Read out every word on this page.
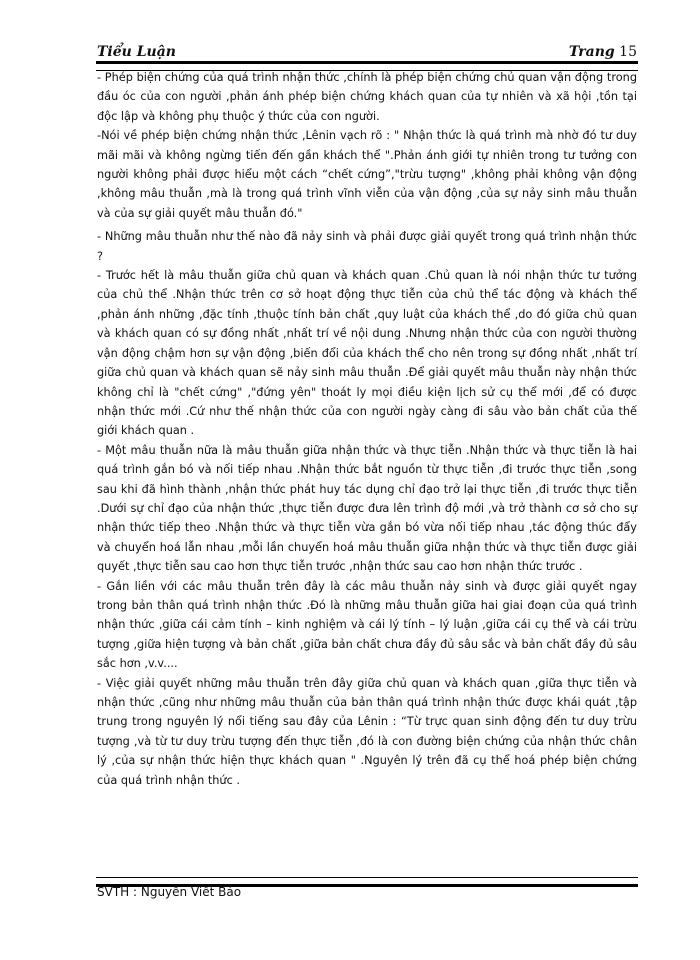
Tiểu Luận	Trang 15

- Phép biện chứng của quá trình nhận thức ,chính là phép biện chứng chủ quan vận động trong đầu óc của con người ,phản ánh phép biện chứng khách quan của tự nhiên và xã hội ,tồn tại độc lập và không phụ thuộc ý thức của con người.

-Nói về phép biện chứng nhận thức ,Lênin vạch rõ : " Nhận thức là quá trình mà nhờ đó tư duy mãi mãi và không ngừng tiến đến gần khách thể ".Phản ánh giới tự nhiên trong tư tưởng con người không phải được hiểu một cách “chết cứng”,"trừu tượng" ,không phải không vận động ,không mâu thuẫn ,mà là trong quá trình vĩnh viễn của vận động ,của sự nảy sinh mâu thuẫn và của sự giải quyết mâu thuẫn đó."

- Những mâu thuẫn như thế nào đã nảy sinh và phải được giải quyết trong quá trình nhận thức ?

- Trước hết là mâu thuẫn giữa chủ quan và khách quan .Chủ quan là nói nhận thức tư tưởng của chủ thể .Nhận thức trên cơ sở hoạt động thực tiễn của chủ thể tác động và khách thể ,phản ánh những ,đặc tính ,thuộc tính bản chất ,quy luật của khách thể ,do đó giữa chủ quan và khách quan có sự đồng nhất ,nhất trí về nội dung .Nhưng nhận thức của con người thường vận động chậm hơn sự vận động ,biến đổi của khách thể cho nên trong sự đồng nhất ,nhất trí giữa chủ quan và khách quan sẽ nảy sinh mâu thuẫn .Để giải quyết mâu thuẫn này nhận thức không chỉ là "chết cứng" ,"đứng yên" thoát ly mọi điều kiện lịch sử cụ thể mới ,để có được nhận thức mới .Cứ như thế nhận thức của con người ngày càng đi sâu vào bản chất của thế giới khách quan .

- Một mâu thuẫn nữa là mâu thuẫn giữa nhận thức và thực tiễn .Nhận thức và thực tiễn là hai quá trình gắn bó và nối tiếp nhau .Nhận thức bắt nguồn từ thực tiễn ,đi trước thực tiễn ,song sau khi đã hình thành ,nhận thức phát huy tác dụng chỉ đạo trở lại thực tiễn ,đi trước thực tiễn .Dưới sự chỉ đạo của nhận thức ,thực tiễn được đưa lên trình độ mới ,và trở thành cơ sở cho sự nhận thức tiếp theo .Nhận thức và thực tiễn vừa gắn bó vừa nối tiếp nhau ,tác động thúc đẩy và chuyển hoá lẫn nhau ,mỗi lần chuyển hoá mâu thuẫn giữa nhận thức và thực tiễn được giải quyết ,thực tiễn sau cao hơn thực tiễn trước ,nhận thức sau cao hơn nhận thức trước .

- Gắn liền với các mâu thuẫn trên đây là các mâu thuẫn nảy sinh và được giải quyết ngay trong bản thân quá trình nhận thức .Đó là những mâu thuẫn giữa hai giai đoạn của quá trình nhận thức ,giữa cái cảm tính – kinh nghiệm và cái lý tính – lý luận ,giữa cái cụ thể và cái trừu tượng ,giữa hiện tượng và bản chất ,giữa bản chất chưa đầy đủ sâu sắc và bản chất đầy đủ sâu sắc hơn ,v.v....

- Việc giải quyết những mâu thuẫn trên đây giữa chủ quan và khách quan ,giữa thực tiễn và nhận thức ,cũng như những mâu thuẫn của bản thân quá trình nhận thức được khái quát ,tập trung trong nguyên lý nổi tiếng sau đây của Lênin : “Từ trực quan sinh động đến tư duy trừu tượng ,và từ tư duy trừu tượng đến thực tiễn ,đó là con đường biện chứng của nhận thức chân lý ,của sự nhận thức hiện thực khách quan " .Nguyên lý trên đã cụ thể hoá phép biện chứng của quá trình nhận thức .

SVTH : Nguyễn Viết Bảo
